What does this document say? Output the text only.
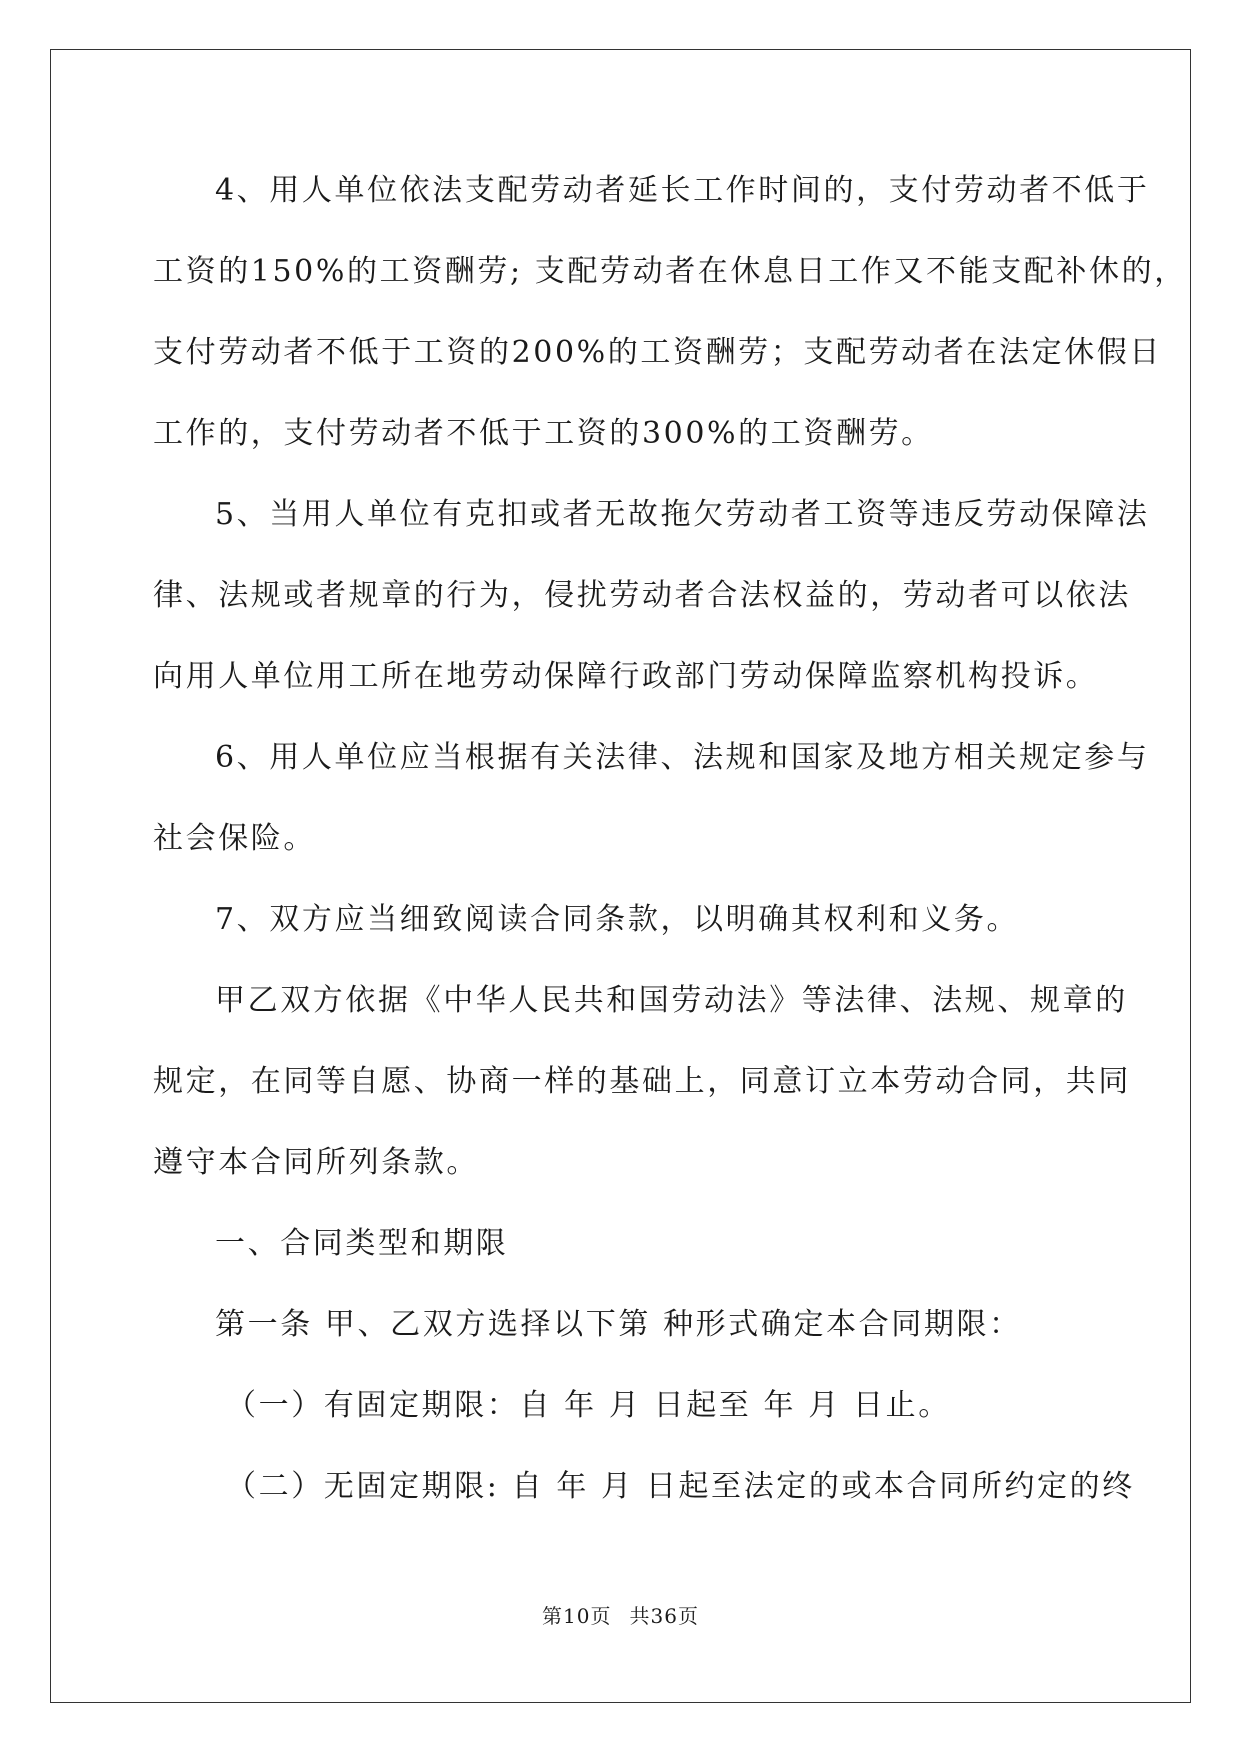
4、用人单位依法支配劳动者延长工作时间的，支付劳动者不低于
工资的150%的工资酬劳; 支配劳动者在休息日工作又不能支配补休的，
支付劳动者不低于工资的200%的工资酬劳；支配劳动者在法定休假日
工作的，支付劳动者不低于工资的300%的工资酬劳。
5、当用人单位有克扣或者无故拖欠劳动者工资等违反劳动保障法
律、法规或者规章的行为，侵扰劳动者合法权益的，劳动者可以依法
向用人单位用工所在地劳动保障行政部门劳动保障监察机构投诉。
6、用人单位应当根据有关法律、法规和国家及地方相关规定参与
社会保险。
7、双方应当细致阅读合同条款，以明确其权利和义务。
甲乙双方依据《中华人民共和国劳动法》等法律、法规、规章的
规定，在同等自愿、协商一样的基础上，同意订立本劳动合同，共同
遵守本合同所列条款。
一、合同类型和期限
第一条 甲、乙双方选择以下第 种形式确定本合同期限：
（一）有固定期限：自 年 月 日起至 年 月 日止。
（二）无固定期限: 自 年 月 日起至法定的或本合同所约定的终
第10页 共36页
